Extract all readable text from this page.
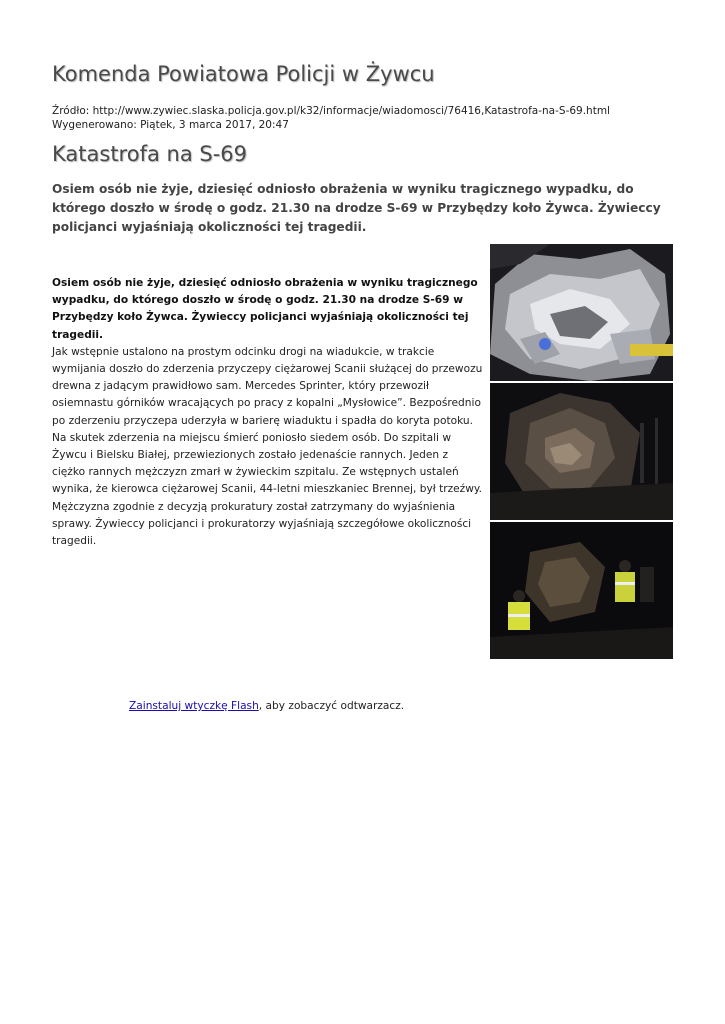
Komenda Powiatowa Policji w Żywcu
Źródło: http://www.zywiec.slaska.policja.gov.pl/k32/informacje/wiadomosci/76416,Katastrofa-na-S-69.html
Wygenerowano: Piątek, 3 marca 2017, 20:47
Katastrofa na S-69
Osiem osób nie żyje, dziesięć odniosło obrażenia w wyniku tragicznego wypadku, do którego doszło w środę o godz. 21.30 na drodze S-69 w Przybędzy koło Żywca. Żywieccy policjanci wyjaśniają okoliczności tej tragedii.
Osiem osób nie żyje, dziesięć odniosło obrażenia w wyniku tragicznego wypadku, do którego doszło w środę o godz. 21.30 na drodze S-69 w Przybędzy koło Żywca. Żywieccy policjanci wyjaśniają okoliczności tej tragedii.
Jak wstępnie ustalono na prostym odcinku drogi na wiadukcie, w trakcie wymijania doszło do zderzenia przyczepy ciężarowej Scanii służącej do przewozu drewna z jadącym prawidłowo sam. Mercedes Sprinter, który przewoził osiemnastu górników wracających po pracy z kopalni „Mysłowice”. Bezpośrednio po zderzeniu przyczepa uderzyła w barierę wiaduktu i spadła do koryta potoku. Na skutek zderzenia na miejscu śmierć poniosło siedem osób. Do szpitali w Żywcu i Bielsku Białej, przewiezionych zostało jedenaście rannych. Jeden z ciężko rannych mężczyzn zmarł w żywieckim szpitalu. Ze wstępnych ustaleń wynika, że kierowca ciężarowej Scanii, 44-letni mieszkaniec Brennej, był trzeźwy. Mężczyzna zgodnie z decyzją prokuratury został zatrzymany do wyjaśnienia sprawy. Żywieccy policjanci i prokuratorzy wyjaśniają szczegółowe okoliczności tragedii.
Zainstaluj wtyczkę Flash, aby zobaczyć odtwarzacz.
